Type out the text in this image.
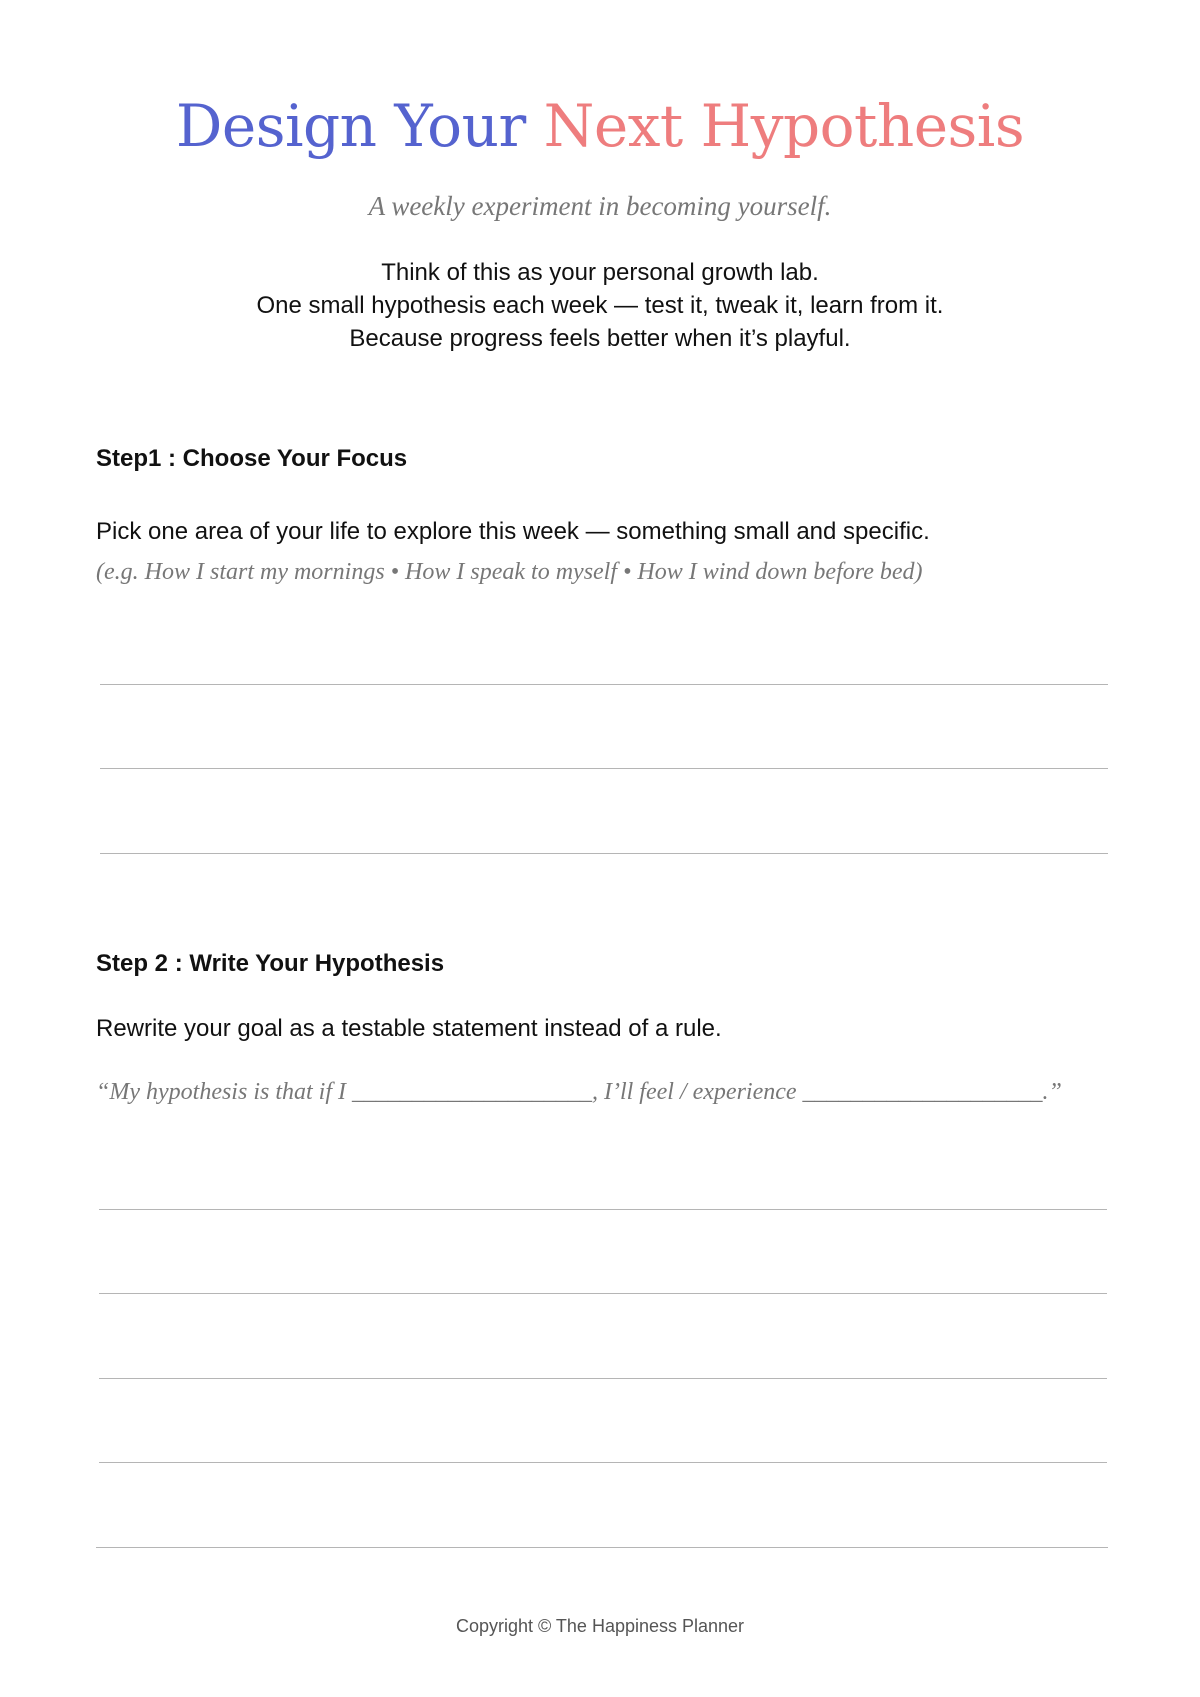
Design Your Next Hypothesis
A weekly experiment in becoming yourself.
Think of this as your personal growth lab.
One small hypothesis each week — test it, tweak it, learn from it.
Because progress feels better when it’s playful.
Step1 : Choose Your Focus
Pick one area of your life to explore this week — something small and specific.
(e.g. How I start my mornings • How I speak to myself • How I wind down before bed)
Step 2 : Write Your Hypothesis
Rewrite your goal as a testable statement instead of a rule.
“My hypothesis is that if I ____________________, I’ll feel / experience ____________________.”
Copyright © The Happiness Planner
